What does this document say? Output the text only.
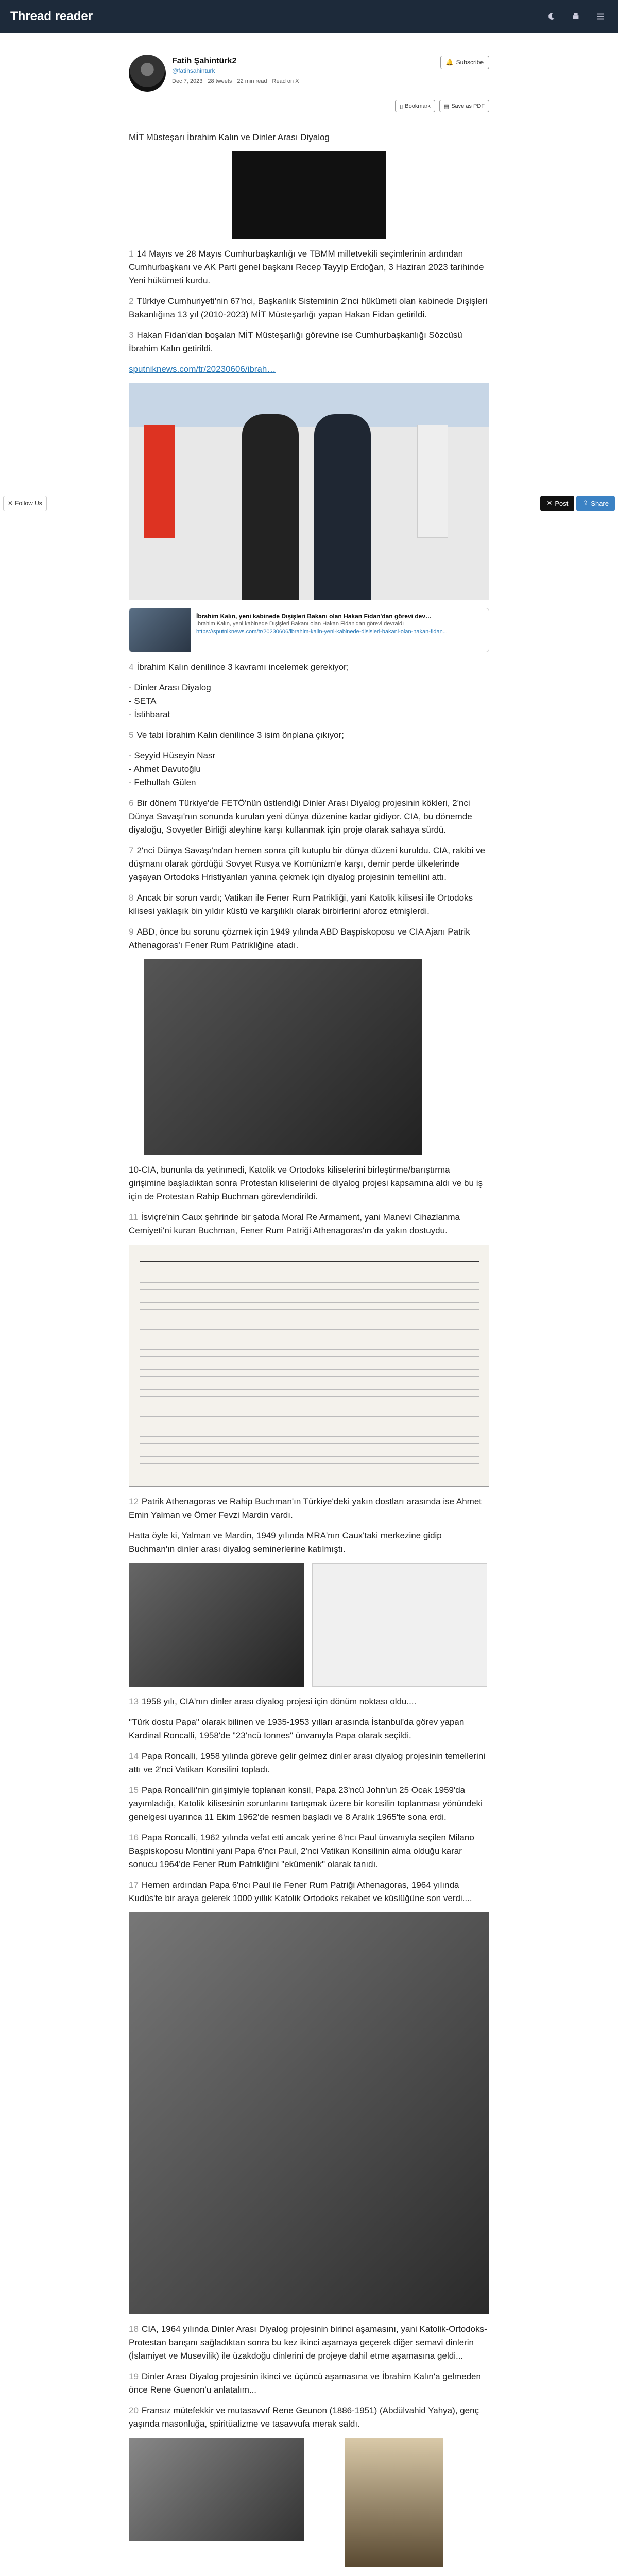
Thread reader
✕ Follow Us	✕ Post ⇪ Share
Fatih Şahintürk2
@fatihsahinturk
Dec 7, 2023 28 tweets 22 min read Read on X
🔔 Subscribe
▯ Bookmark ▤ Save as PDF
MİT Müsteşarı İbrahim Kalın ve Dinler Arası Diyalog
1 14 Mayıs ve 28 Mayıs Cumhurbaşkanlığı ve TBMM milletvekili seçimlerinin ardından Cumhurbaşkanı ve AK Parti genel başkanı Recep Tayyip Erdoğan, 3 Haziran 2023 tarihinde Yeni hükümeti kurdu.
2 Türkiye Cumhuriyeti'nin 67'nci, Başkanlık Sisteminin 2'nci hükümeti olan kabinede Dışişleri Bakanlığına 13 yıl (2010-2023) MİT Müsteşarlığı yapan Hakan Fidan getirildi.
3 Hakan Fidan'dan boşalan MİT Müsteşarlığı görevine ise Cumhurbaşkanlığı Sözcüsü İbrahim Kalın getirildi.
sputniknews.com/tr/20230606/ibrah…
İbrahim Kalın, yeni kabinede Dışişleri Bakanı olan Hakan Fidan'dan görevi dev…
İbrahim Kalın, yeni kabinede Dışişleri Bakanı olan Hakan Fidan'dan görevi devraldı
https://sputniknews.com/tr/20230606/ibrahim-kalin-yeni-kabinede-disisleri-bakani-olan-hakan-fidan...
4 İbrahim Kalın denilince 3 kavramı incelemek gerekiyor;
- Dinler Arası Diyalog
- SETA
- İstihbarat
5 Ve tabi İbrahim Kalın denilince 3 isim önplana çıkıyor;
- Seyyid Hüseyin Nasr
- Ahmet Davutoğlu
- Fethullah Gülen
6 Bir dönem Türkiye'de FETÖ'nün üstlendiği Dinler Arası Diyalog projesinin kökleri, 2'nci Dünya Savaşı'nın sonunda kurulan yeni dünya düzenine kadar gidiyor. CIA, bu dönemde diyaloğu, Sovyetler Birliği aleyhine karşı kullanmak için proje olarak sahaya sürdü.
7 2'nci Dünya Savaşı'ndan hemen sonra çift kutuplu bir dünya düzeni kuruldu. CIA, rakibi ve düşmanı olarak gördüğü Sovyet Rusya ve Komünizm'e karşı, demir perde ülkelerinde yaşayan Ortodoks Hristiyanları yanına çekmek için diyalog projesinin temellini attı.
8 Ancak bir sorun vardı; Vatikan ile Fener Rum Patrikliği, yani Katolik kilisesi ile Ortodoks kilisesi yaklaşık bin yıldır küstü ve karşılıklı olarak birbirlerini aforoz etmişlerdi.
9 ABD, önce bu sorunu çözmek için 1949 yılında ABD Başpiskoposu ve CIA Ajanı Patrik Athenagoras'ı Fener Rum Patrikliğine atadı.
10-CIA, bununla da yetinmedi, Katolik ve Ortodoks kiliselerini birleştirme/barıştırma girişimine başladıktan sonra Protestan kiliselerini de diyalog projesi kapsamına aldı ve bu iş için de Protestan Rahip Buchman görevlendirildi.
11 İsviçre'nin Caux şehrinde bir şatoda Moral Re Armament, yani Manevi Cihazlanma Cemiyeti'ni kuran Buchman, Fener Rum Patriği Athenagoras'ın da yakın dostuydu.
12 Patrik Athenagoras ve Rahip Buchman'ın Türkiye'deki yakın dostları arasında ise Ahmet Emin Yalman ve Ömer Fevzi Mardin vardı.
Hatta öyle ki, Yalman ve Mardin, 1949 yılında MRA'nın Caux'taki merkezine gidip Buchman'ın dinler arası diyalog seminerlerine katılmıştı.
13 1958 yılı, CIA'nın dinler arası diyalog projesi için dönüm noktası oldu....
"Türk dostu Papa" olarak bilinen ve 1935-1953 yılları arasında İstanbul'da görev yapan Kardinal Roncalli, 1958'de "23'ncü Ionnes" ünvanıyla Papa olarak seçildi.
14 Papa Roncalli, 1958 yılında göreve gelir gelmez dinler arası diyalog projesinin temellerini attı ve 2'nci Vatikan Konsilini topladı.
15 Papa Roncalli'nin girişimiyle toplanan konsil, Papa 23'ncü John'un 25 Ocak 1959'da yayımladığı, Katolik kilisesinin sorunlarını tartışmak üzere bir konsilin toplanması yönündeki genelgesi uyarınca 11 Ekim 1962'de resmen başladı ve 8 Aralık 1965'te sona erdi.
16 Papa Roncalli, 1962 yılında vefat etti ancak yerine 6'ncı Paul ünvanıyla seçilen Milano Başpiskoposu Montini yani Papa 6'ncı Paul, 2'nci Vatikan Konsilinin alma olduğu karar sonucu 1964'de Fener Rum Patrikliğini "ekümenik" olarak tanıdı.
17 Hemen ardından Papa 6'ncı Paul ile Fener Rum Patriği Athenagoras, 1964 yılında Kudüs'te bir araya gelerek 1000 yıllık Katolik Ortodoks rekabet ve küslüğüne son verdi....
18 CIA, 1964 yılında Dinler Arası Diyalog projesinin birinci aşamasını, yani Katolik-Ortodoks-Protestan barışını sağladıktan sonra bu kez ikinci aşamaya geçerek diğer semavi dinlerin (İslamiyet ve Musevilik) ile üzakdoğu dinlerini de projeye dahil etme aşamasına geldi...
19 Dinler Arası Diyalog projesinin ikinci ve üçüncü aşamasına ve İbrahim Kalın'a gelmeden önce Rene Guenon'u anlatalım...
20 Fransız mütefekkir ve mutasavvıf Rene Geunon (1886-1951) (Abdülvahid Yahya), genç yaşında masonluğa, spiritüalizme ve tasavvufa merak saldı.
